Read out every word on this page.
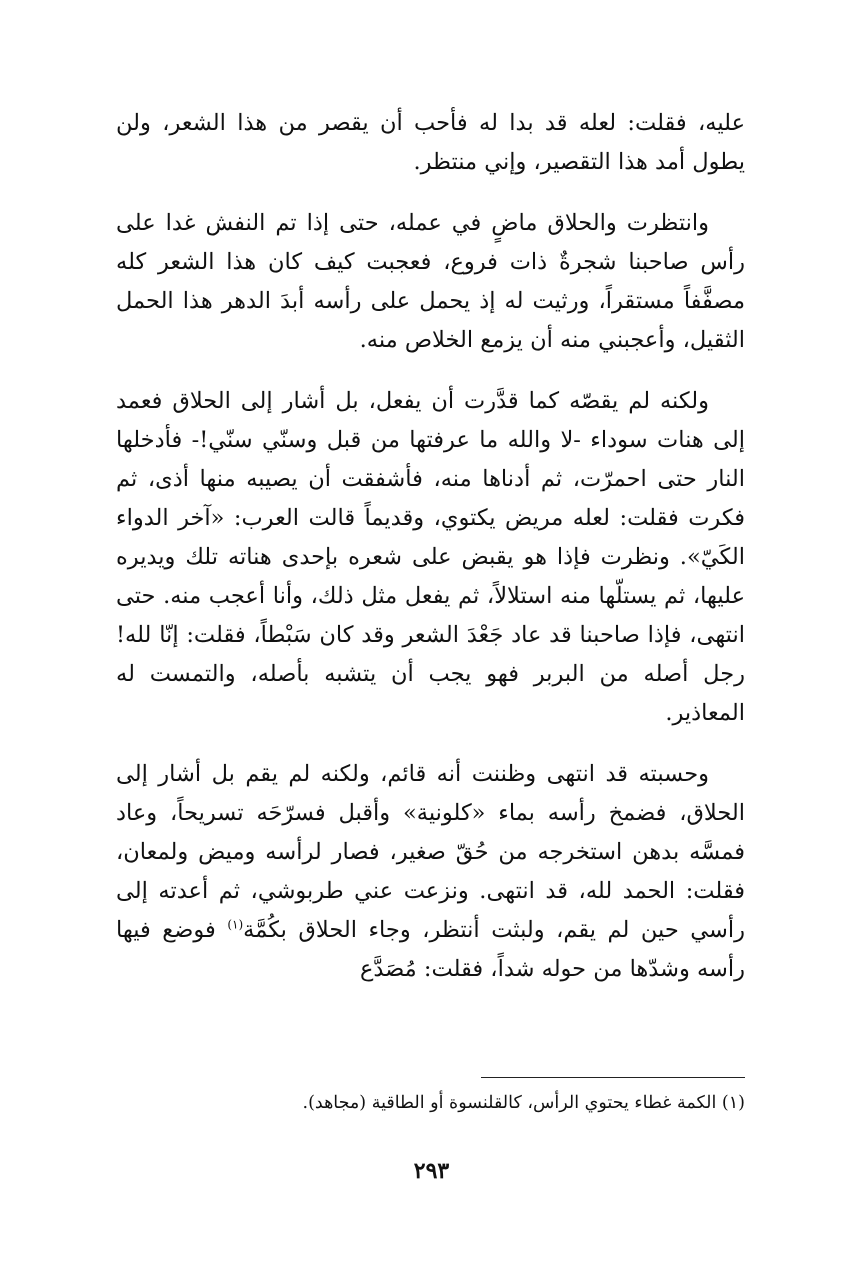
عليه، فقلت: لعله قد بدا له فأحب أن يقصر من هذا الشعر، ولن يطول أمد هذا التقصير، وإني منتظر.

وانتظرت والحلاق ماضٍ في عمله، حتى إذا تم النفش غدا على رأس صاحبنا شجرةٌ ذات فروع، فعجبت كيف كان هذا الشعر كله مصفَّفاً مستقراً، ورثيت له إذ يحمل على رأسه أبدَ الدهر هذا الحمل الثقيل، وأعجبني منه أن يزمع الخلاص منه.

ولكنه لم يقصّه كما قدَّرت أن يفعل، بل أشار إلى الحلاق فعمد إلى هنات سوداء -لا والله ما عرفتها من قبل وسنّي سنّي!- فأدخلها النار حتى احمرّت، ثم أدناها منه، فأشفقت أن يصيبه منها أذى، ثم فكرت فقلت: لعله مريض يكتوي، وقديماً قالت العرب: «آخر الدواء الكَيّ». ونظرت فإذا هو يقبض على شعره بإحدى هناته تلك ويديره عليها، ثم يستلّها منه استلالاً، ثم يفعل مثل ذلك، وأنا أعجب منه. حتى انتهى، فإذا صاحبنا قد عاد جَعْدَ الشعر وقد كان سَبْطاً، فقلت: إنّا لله! رجل أصله من البربر فهو يجب أن يتشبه بأصله، والتمست له المعاذير.

وحسبته قد انتهى وظننت أنه قائم، ولكنه لم يقم بل أشار إلى الحلاق، فضمخ رأسه بماء «كلونية» وأقبل فسرّحَه تسريحاً، وعاد فمسَّه بدهن استخرجه من حُقّ صغير، فصار لرأسه وميض ولمعان، فقلت: الحمد لله، قد انتهى. ونزعت عني طربوشي، ثم أعدته إلى رأسي حين لم يقم، ولبثت أنتظر، وجاء الحلاق بكُمَّة$^{(١)}$ فوضع فيها رأسه وشدّها من حوله شداً، فقلت: مُصَدَّع

(١) الكمة غطاء يحتوي الرأس، كالقلنسوة أو الطاقية (مجاهد).
٢٩٣
